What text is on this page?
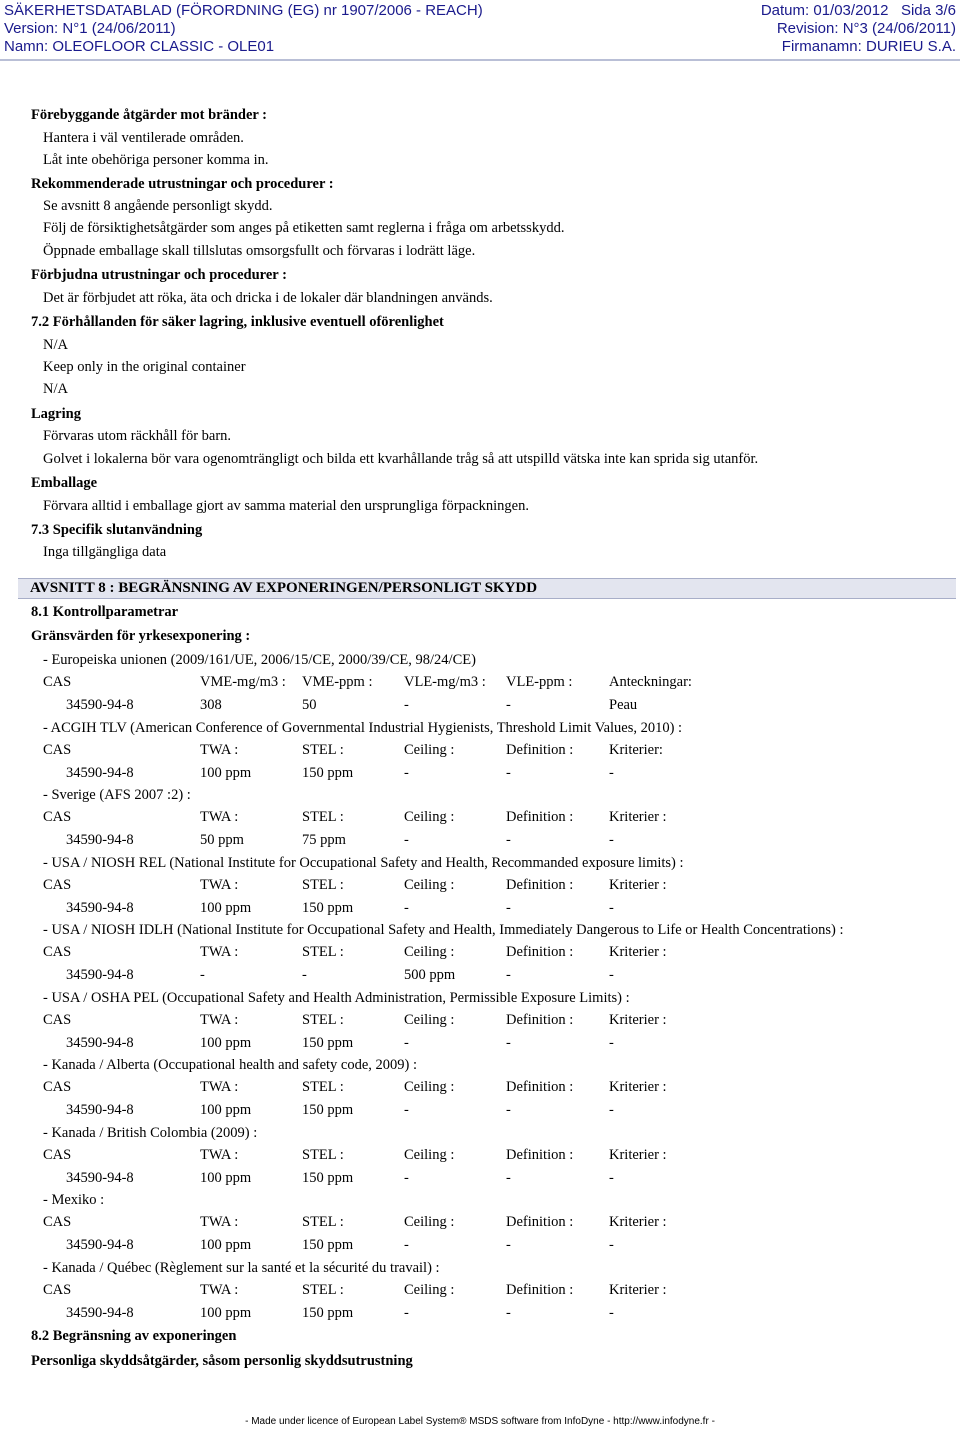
SÄKERHETSDATABLAD (FÖRORDNING (EG) nr 1907/2006 - REACH)	Datum: 01/03/2012 Sida 3/6
Version: N°1 (24/06/2011)	Revision: N°3 (24/06/2011)
Namn: OLEOFLOOR CLASSIC - OLE01	Firmanamn: DURIEU S.A.
Förebyggande åtgärder mot bränder :
Hantera i väl ventilerade områden.
Låt inte obehöriga personer komma in.
Rekommenderade utrustningar och procedurer :
Se avsnitt 8 angående personligt skydd.
Följ de försiktighetsåtgärder som anges på etiketten samt reglerna i fråga om arbetsskydd.
Öppnade emballage skall tillslutas omsorgsfullt och förvaras i lodrätt läge.
Förbjudna utrustningar och procedurer :
Det är förbjudet att röka, äta och dricka i de lokaler där blandningen används.
7.2 Förhållanden för säker lagring, inklusive eventuell oförenlighet
N/A
Keep only in the original container
N/A
Lagring
Förvaras utom räckhåll för barn.
Golvet i lokalerna bör vara ogenomträngligt och bilda ett kvarhållande tråg så att utspilld vätska inte kan sprida sig utanför.
Emballage
Förvara alltid i emballage gjort av samma material den ursprungliga förpackningen.
7.3 Specifik slutanvändning
Inga tillgängliga data
AVSNITT 8 : BEGRÄNSNING AV EXPONERINGEN/PERSONLIGT SKYDD
8.1 Kontrollparametrar
Gränsvärden för yrkesexponering :
- Europeiska unionen (2009/161/UE, 2006/15/CE, 2000/39/CE, 98/24/CE)
CAS	VME-mg/m3 : VME-ppm : VLE-mg/m3 : VLE-ppm :	Anteckningar:
34590-94-8	308	50	-	-	Peau
- ACGIH TLV (American Conference of Governmental Industrial Hygienists, Threshold Limit Values, 2010) :
CAS	TWA :	STEL :	Ceiling :	Definition : Kriterier:
34590-94-8	100 ppm	150 ppm	-	-	-
- Sverige (AFS 2007 :2) :
CAS	TWA :	STEL :	Ceiling :	Definition : Kriterier :
34590-94-8	50 ppm	75 ppm	-	-	-
- USA / NIOSH REL (National Institute for Occupational Safety and Health, Recommanded exposure limits) :
CAS	TWA :	STEL :	Ceiling :	Definition : Kriterier :
34590-94-8	100 ppm	150 ppm	-	-	-
- USA / NIOSH IDLH (National Institute for Occupational Safety and Health, Immediately Dangerous to Life or Health Concentrations) :
CAS	TWA :	STEL :	Ceiling :	Definition : Kriterier :
34590-94-8	-	-	500 ppm	-	-
- USA / OSHA PEL (Occupational Safety and Health Administration, Permissible Exposure Limits) :
CAS	TWA :	STEL :	Ceiling :	Definition : Kriterier :
34590-94-8	100 ppm	150 ppm	-	-	-
- Kanada / Alberta (Occupational health and safety code, 2009) :
CAS	TWA :	STEL :	Ceiling :	Definition : Kriterier :
34590-94-8	100 ppm	150 ppm	-	-	-
- Kanada / British Colombia (2009) :
CAS	TWA :	STEL :	Ceiling :	Definition : Kriterier :
34590-94-8	100 ppm	150 ppm	-	-	-
- Mexiko :
CAS	TWA :	STEL :	Ceiling :	Definition : Kriterier :
34590-94-8	100 ppm	150 ppm	-	-	-
- Kanada / Québec (Règlement sur la santé et la sécurité du travail) :
CAS	TWA :	STEL :	Ceiling :	Definition : Kriterier :
34590-94-8	100 ppm	150 ppm	-	-	-
8.2 Begränsning av exponeringen
Personliga skyddsåtgärder, såsom personlig skyddsutrustning
- Made under licence of European Label System® MSDS software from InfoDyne - http://www.infodyne.fr -
